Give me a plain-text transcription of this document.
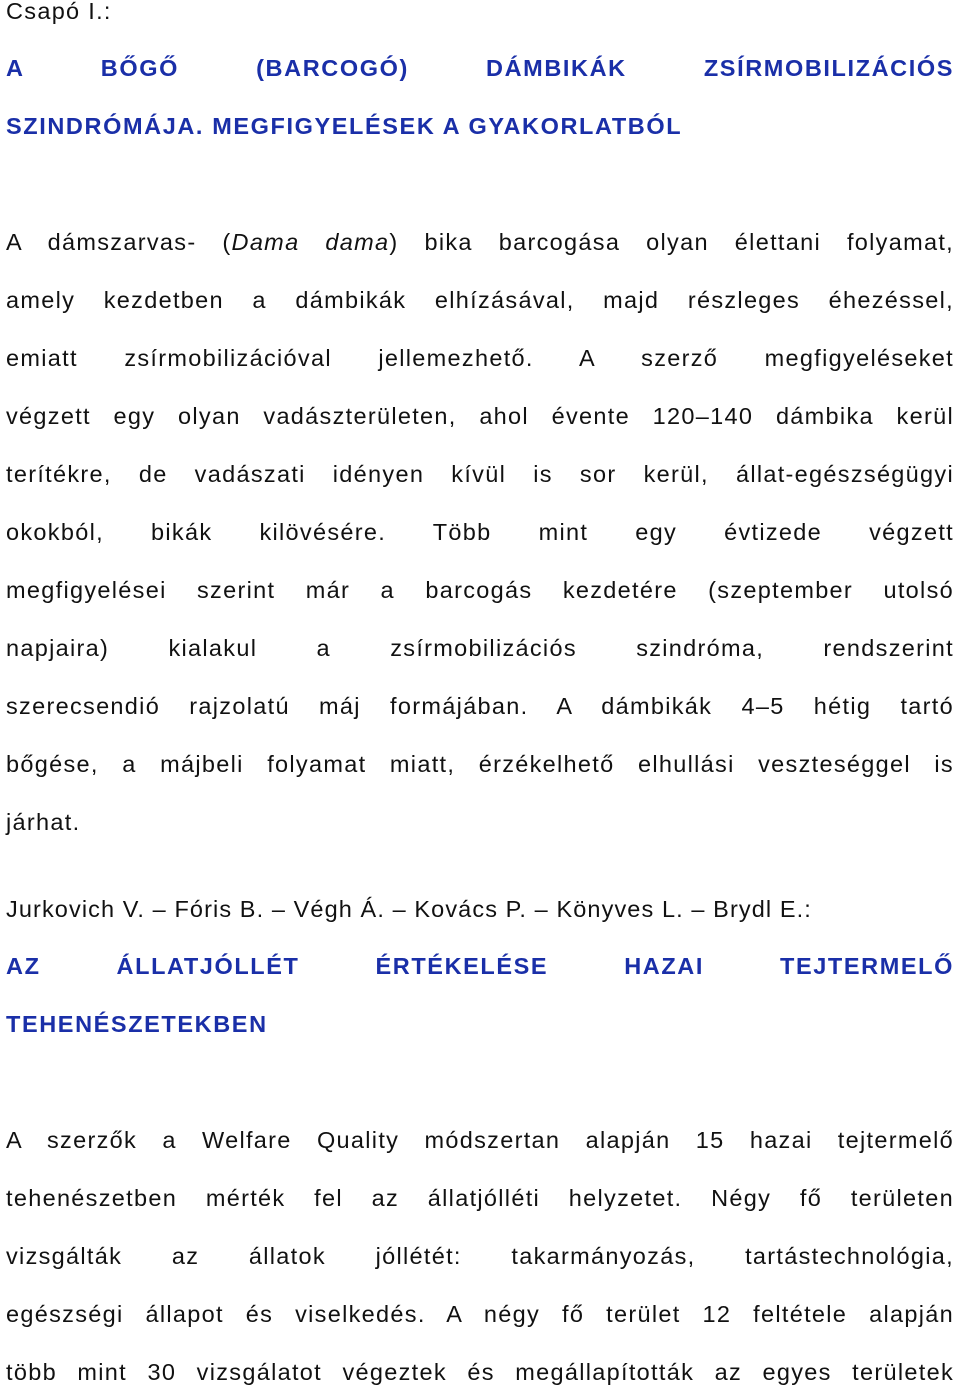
Csapó I.:
A BŐGŐ (BARCOGÓ) DÁMBIKÁK ZSÍRMOBILIZÁCIÓS
SZINDRÓMÁJA. MEGFIGYELÉSEK A GYAKORLATBÓL
A dámszarvas- (Dama dama) bika barcogása olyan élettani folyamat,
amely kezdetben a dámbikák elhízásával, majd részleges éhezéssel,
emiatt zsírmobilizációval jellemezhető. A szerző megfigyeléseket
végzett egy olyan vadászterületen, ahol évente 120–140 dámbika kerül
terítékre, de vadászati idényen kívül is sor kerül, állat-egészségügyi
okokból, bikák kilövésére. Több mint egy évtizede végzett
megfigyelései szerint már a barcogás kezdetére (szeptember utolsó
napjaira) kialakul a zsírmobilizációs szindróma, rendszerint
szerecsendió rajzolatú máj formájában. A dámbikák 4–5 hétig tartó
bőgése, a májbeli folyamat miatt, érzékelhető elhullási veszteséggel is
járhat.
Jurkovich V. – Fóris B. – Végh Á. – Kovács P. – Könyves L. – Brydl E.:
AZ ÁLLATJÓLLÉT ÉRTÉKELÉSE HAZAI TEJTERMELŐ
TEHENÉSZETEKBEN
A szerzők a Welfare Quality módszertan alapján 15 hazai tejtermelő
tehenészetben mérték fel az állatjólléti helyzetet. Négy fő területen
vizsgálták az állatok jóllétét: takarmányozás, tartástechnológia,
egészségi állapot és viselkedés. A négy fő terület 12 feltétele alapján
több mint 30 vizsgálatot végeztek és megállapították az egyes területek
